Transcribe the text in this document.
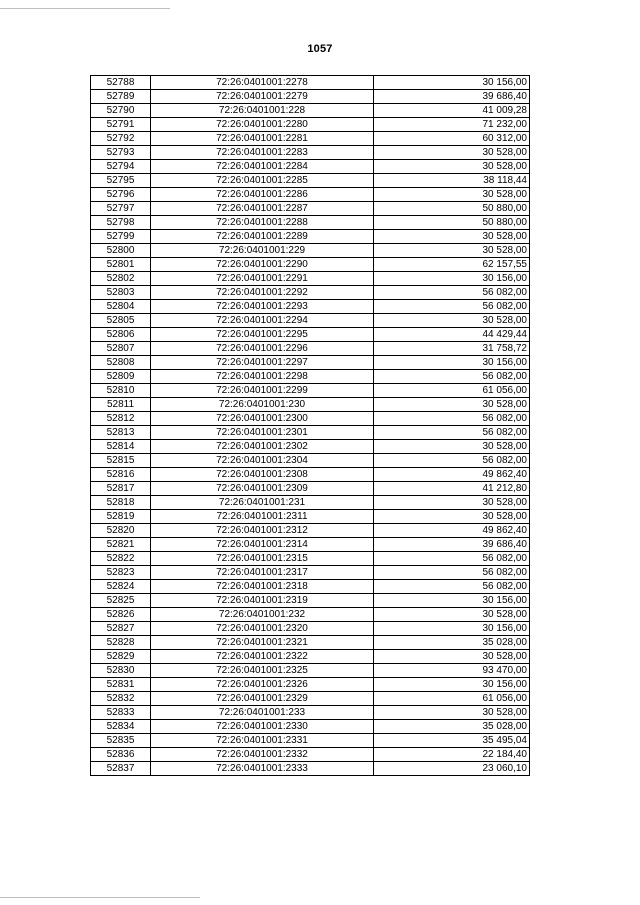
1057
52788	72:26:0401001:2278	30 156,00
52789	72:26:0401001:2279	39 686,40
52790	72:26:0401001:228	41 009,28
52791	72:26:0401001:2280	71 232,00
52792	72:26:0401001:2281	60 312,00
52793	72:26:0401001:2283	30 528,00
52794	72:26:0401001:2284	30 528,00
52795	72:26:0401001:2285	38 118,44
52796	72:26:0401001:2286	30 528,00
52797	72:26:0401001:2287	50 880,00
52798	72:26:0401001:2288	50 880,00
52799	72:26:0401001:2289	30 528,00
52800	72:26:0401001:229	30 528,00
52801	72:26:0401001:2290	62 157,55
52802	72:26:0401001:2291	30 156,00
52803	72:26:0401001:2292	56 082,00
52804	72:26:0401001:2293	56 082,00
52805	72:26:0401001:2294	30 528,00
52806	72:26:0401001:2295	44 429,44
52807	72:26:0401001:2296	31 758,72
52808	72:26:0401001:2297	30 156,00
52809	72:26:0401001:2298	56 082,00
52810	72:26:0401001:2299	61 056,00
52811	72:26:0401001:230	30 528,00
52812	72:26:0401001:2300	56 082,00
52813	72:26:0401001:2301	56 082,00
52814	72:26:0401001:2302	30 528,00
52815	72:26:0401001:2304	56 082,00
52816	72:26:0401001:2308	49 862,40
52817	72:26:0401001:2309	41 212,80
52818	72:26:0401001:231	30 528,00
52819	72:26:0401001:2311	30 528,00
52820	72:26:0401001:2312	49 862,40
52821	72:26:0401001:2314	39 686,40
52822	72:26:0401001:2315	56 082,00
52823	72:26:0401001:2317	56 082,00
52824	72:26:0401001:2318	56 082,00
52825	72:26:0401001:2319	30 156,00
52826	72:26:0401001:232	30 528,00
52827	72:26:0401001:2320	30 156,00
52828	72:26:0401001:2321	35 028,00
52829	72:26:0401001:2322	30 528,00
52830	72:26:0401001:2325	93 470,00
52831	72:26:0401001:2326	30 156,00
52832	72:26:0401001:2329	61 056,00
52833	72:26:0401001:233	30 528,00
52834	72:26:0401001:2330	35 028,00
52835	72:26:0401001:2331	35 495,04
52836	72:26:0401001:2332	22 184,40
52837	72:26:0401001:2333	23 060,10
